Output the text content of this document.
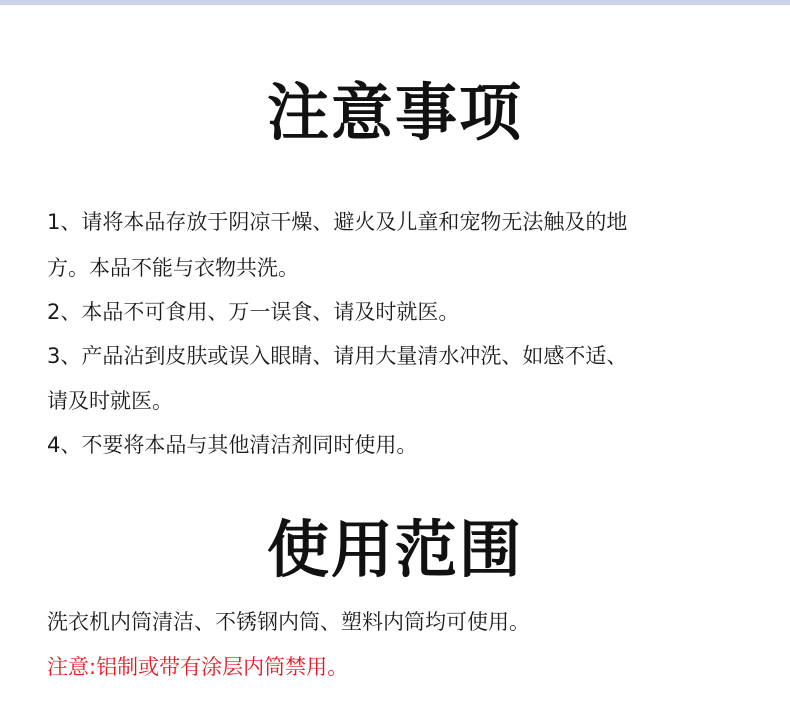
注意事项
1、请将本品存放于阴凉干燥、避火及儿童和宠物无法触及的地
方。本品不能与衣物共洗。
2、本品不可食用、万一误食、请及时就医。
3、产品沾到皮肤或误入眼睛、请用大量清水冲洗、如感不适、
请及时就医。
4、不要将本品与其他清洁剂同时使用。
使用范围
洗衣机内筒清洁、不锈钢内筒、塑料内筒均可使用。
注意:铝制或带有涂层内筒禁用。
